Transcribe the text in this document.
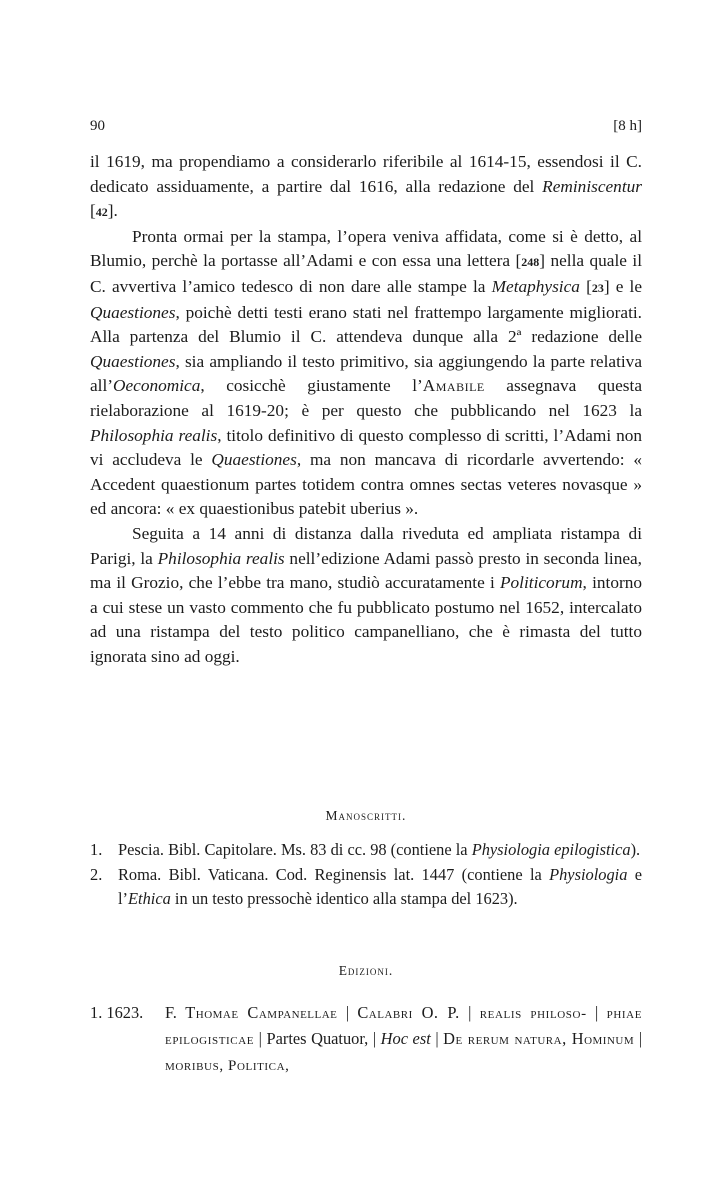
90	[8 h]

il 1619, ma propendiamo a considerarlo riferibile al 1614-15, essendosi il C. dedicato assiduamente, a partire dal 1616, alla redazione del Reminiscentur [42].

Pronta ormai per la stampa, l’opera veniva affidata, come si è detto, al Blumio, perchè la portasse all’Adami e con essa una lettera [248] nella quale il C. avvertiva l’amico tedesco di non dare alle stampe la Metaphysica [23] e le Quaestiones, poichè detti testi erano stati nel frattempo largamente migliorati. Alla partenza del Blumio il C. attendeva dunque alla 2ª redazione delle Quaestiones, sia ampliando il testo primitivo, sia aggiungendo la parte relativa all’Oeconomica, cosicchè giustamente l’Amabile assegnava questa rielaborazione al 1619-20; è per questo che pubblicando nel 1623 la Philosophia realis, titolo definitivo di questo complesso di scritti, l’Adami non vi accludeva le Quaestiones, ma non mancava di ricordarle avvertendo: « Accedent quaestionum partes totidem contra omnes sectas veteres novasque » ed ancora: « ex quaestionibus patebit uberius ».

Seguita a 14 anni di distanza dalla riveduta ed ampliata ristampa di Parigi, la Philosophia realis nell’edizione Adami passò presto in seconda linea, ma il Grozio, che l’ebbe tra mano, studiò accuratamente i Politicorum, intorno a cui stese un vasto commento che fu pubblicato postumo nel 1652, intercalato ad una ristampa del testo politico campanelliano, che è rimasta del tutto ignorata sino ad oggi.

Manoscritti.
1. Pescia. Bibl. Capitolare. Ms. 83 di cc. 98 (contiene la Physiologia epilogistica).
2. Roma. Bibl. Vaticana. Cod. Reginensis lat. 1447 (contiene la Physiologia e l’Ethica in un testo pressochè identico alla stampa del 1623).
Edizioni.
1. 1623. F. Thomae Campanellae | Calabri O. P. | realis philoso- | phiae epilogisticae | Partes Quatuor, | Hoc est | De rerum natura, Hominum | moribus, Politica,
